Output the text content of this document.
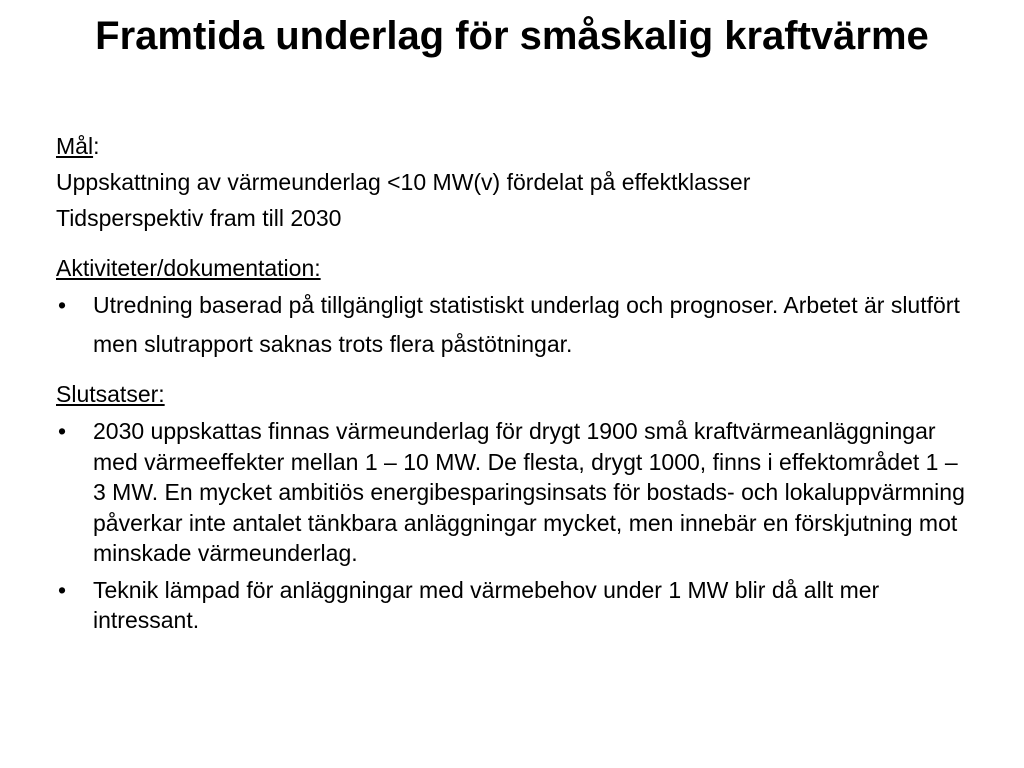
Framtida underlag för småskalig kraftvärme

Mål:

Uppskattning av värmeunderlag <10 MW(v) fördelat på effektklasser

Tidsperspektiv fram till 2030

Aktiviteter/dokumentation:

• Utredning baserad på tillgängligt statistiskt underlag och prognoser. Arbetet är slutfört men slutrapport saknas trots flera påstötningar.

Slutsatser:

• 2030 uppskattas finnas värmeunderlag för drygt 1900 små kraftvärmeanläggningar med värmeeffekter mellan 1 – 10 MW. De flesta, drygt 1000, finns i effektområdet 1 – 3 MW. En mycket ambitiös energibesparingsinsats för bostads- och lokaluppvärmning påverkar inte antalet tänkbara anläggningar mycket, men innebär en förskjutning mot minskade värmeunderlag.
• Teknik lämpad för anläggningar med värmebehov under 1 MW blir då allt mer intressant.
